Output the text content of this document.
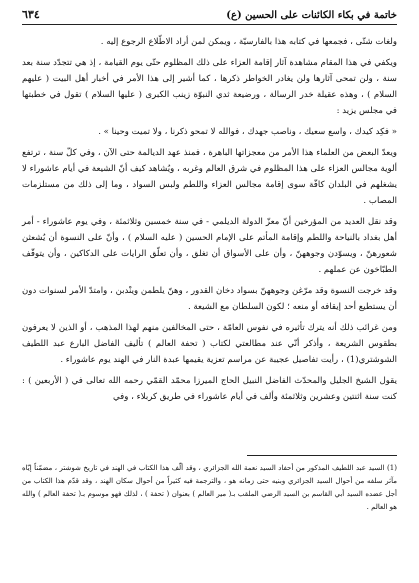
خاتمة في بكاء الكائنات على الحسين (ع)
٦٣٤

ولغات شتّى ، فجمعها في كتابه هذا بالفارسيّة ، ويمكن لمن أراد الاطّلاع الرجوع إليه .

ويكفي في هذا المقام مشاهدة آثار إقامة العزاء على ذلك المظلوم حتّى يوم القيامة ، إذ هي تتجدّد سنة بعد سنة ، ولن تمحى آثارها ولن يغادر الخواطر ذكرها ، كما أشير إلى هذا الأمر في أخبار أهل البيت ( عليهم السلام ) ، وهذه عقيلة خدر الرسالة ، ورضيعة ثدي النبوّة زينب الكبرى ( عليها السلام ) تقول في خطبتها في مجلس يزيد :

« فكِد كيدك ، واسع سعيك ، وناصب جهدك ، فوالله لا تمحو ذكرنا ، ولا تميت وحينا » .

ويعدّ البعض من العلماء هذا الأمر من معجزاتها الباهرة ، فمنذ عهد الديالمة حتى الآن ، وفي كلّ سنة ، ترتفع ألوية مجالس العزاء على هذا المظلوم في شرق العالم وغربه ، ويُشاهد كيف أنّ الشيعة في أيام عاشوراء لا يشغلهم في البلدان كافّة سوى إقامة مجالس العزاء واللطم ولبس السواد ، وما إلى ذلك من مستلزمات المصاب .

وقد نقل العديد من المؤرخين أنّ معزّ الدولة الديلمي - في سنة خمسين وثلاثمئة ، وفي يوم عاشوراء - أمر أهل بغداد بالنياحة واللطم وإقامة المأتم على الإمام الحسين ( عليه السلام ) ، وأنّ على النسوة أن يُشعثن شعورهنّ ، ويسوّدن وجوههنّ ، وأن على الأسواق أن تغلق ، وأن تعلّق الرايات على الدكاكين ، وأن يتوقّف الطبّاخون عن عملهم .

وقد خرجت النسوة وقد مرّغن وجوههنّ بسواد دخان القدور ، وهنّ يلطمن وينْدبن ، وامتدّ الأمر لسنوات دون أن يستطيع أحد إيقافه أو منعه ؛ لكون السلطان مع الشيعة .

ومن غرائب ذلك أنه يترك تأثيره في نفوس العامّة ، حتى المخالفين منهم لهذا المذهب ، أو الذين لا يعرفون بطقوس الشريعة ، وأذكر أنّي عند مطالعتي لكتاب ( تحفة العالم ) تأليف الفاضل البارع عبد اللطيف الشوشتري(1) ، رأيت تفاصيل عجيبة عن مراسم تعزية يقيمها عبدة النار في الهند يوم عاشوراء .

يقول الشيخ الجليل والمحدّث الفاضل النبيل الحاج الميرزا محمّد القمّي رحمه الله تعالى في ( الأربعين ) : كنت سنة اثنتين وعشرين وثلاثمئة وألف في أيام عاشوراء في طريق كربلاء ، وفي

(1) السيد عبد اللطيف المذكور من أحفاد السيد نعمة الله الجزائري ، وقد ألّف هذا الكتاب في الهند في تاريخ شوشتر ، مضمّناً إيّاه مآثر سلفه من أحوال السيد الجزائري وبنيه حتى زمانه هو ، والترجمة فيه كثيراً من أحوال سكان الهند ، وقد قدّم هذا الكتاب من أجل عضده السيد أبي القاسم بن السيد الرضي الملقب بـ( مير العالم ) بعنوان ( تحفة ) ، لذلك فهو موسوم بـ( تحفة العالم ) والله هو العالم .
